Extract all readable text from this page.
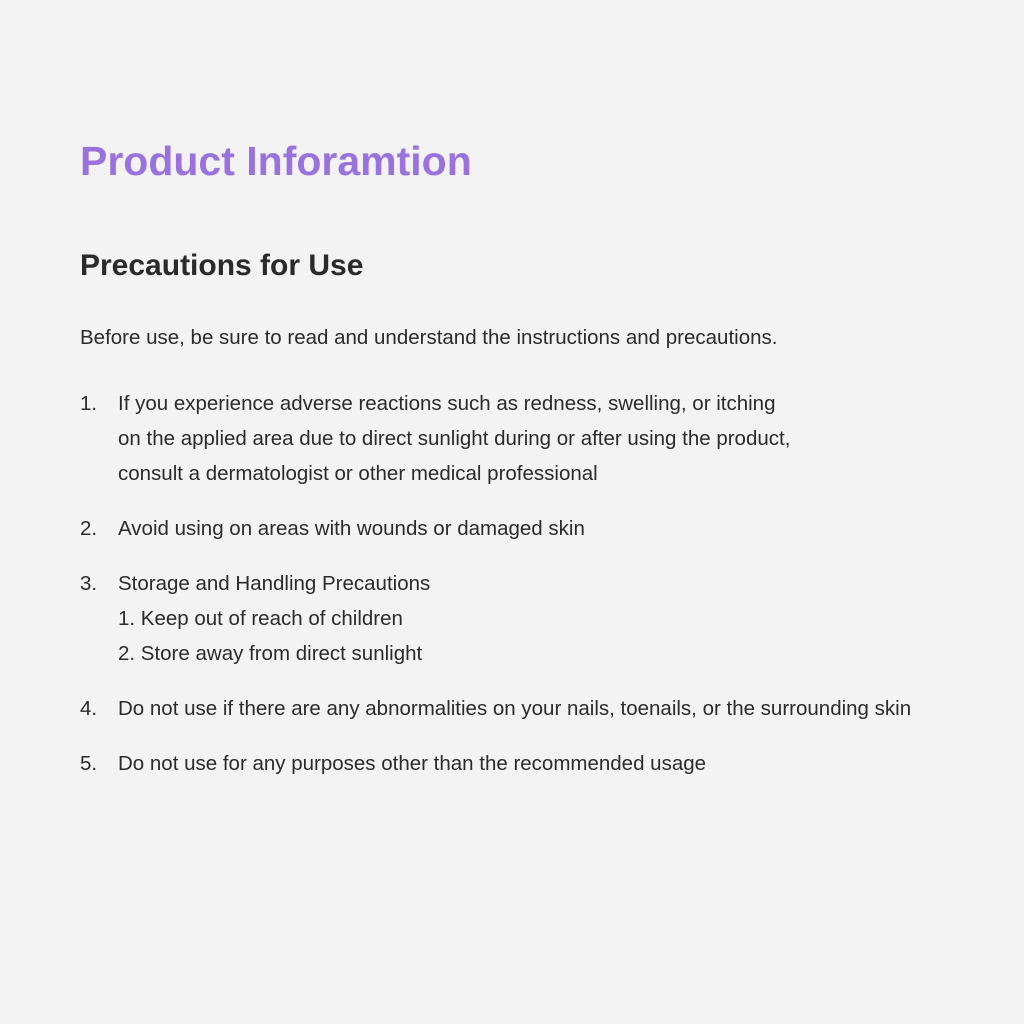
Product Inforamtion
Precautions for Use

Before use, be sure to read and understand the instructions and precautions.

1.	If you experience adverse reactions such as redness, swelling, or itching
on the applied area due to direct sunlight during or after using the product,
consult a dermatologist or other medical professional
2.	Avoid using on areas with wounds or damaged skin
3.	Storage and Handling Precautions
1. Keep out of reach of children
2. Store away from direct sunlight
4.	Do not use if there are any abnormalities on your nails, toenails, or the surrounding skin
5.	Do not use for any purposes other than the recommended usage
